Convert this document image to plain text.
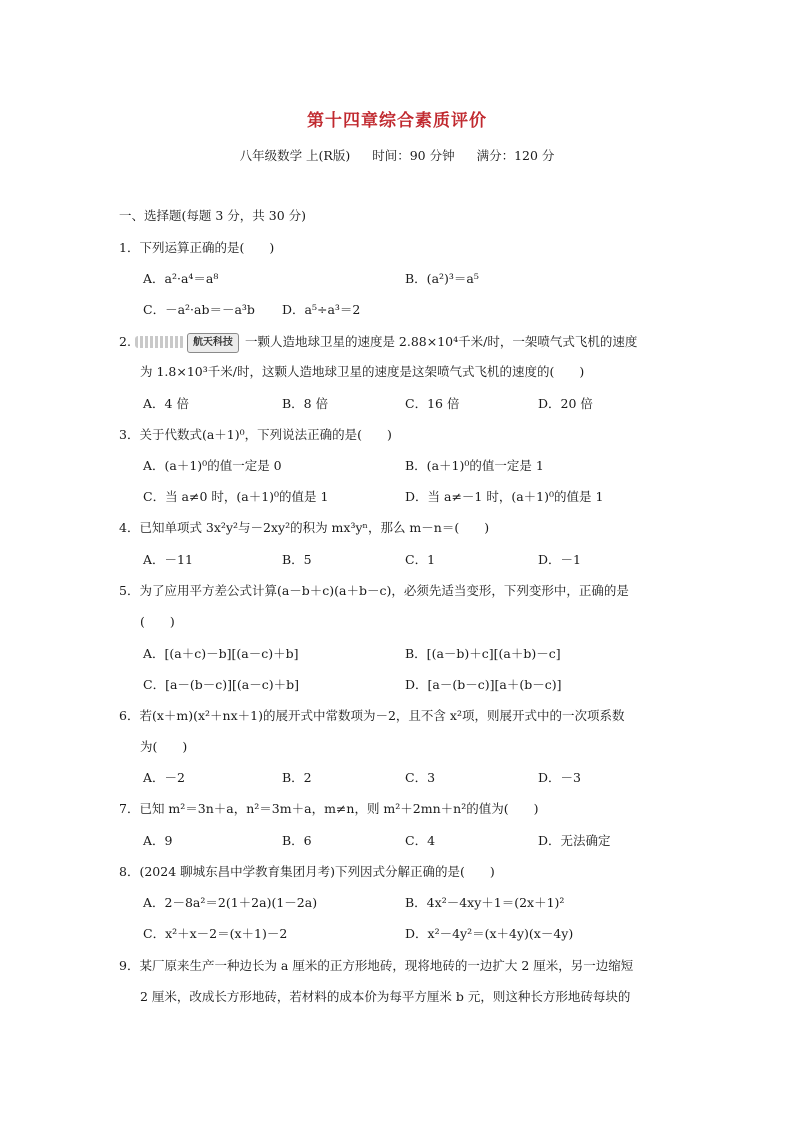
第十四章综合素质评价
八年级数学 上(R版) 时间：90 分钟 满分：120 分
一、选择题(每题 3 分，共 30 分)
1．下列运算正确的是(　　)
A．a²·a⁴＝a⁸	B．(a²)³＝a⁵
C．－a²·ab＝－a³b D．a⁵÷a³＝2
2.	航天科技 一颗人造地球卫星的速度是 2.88×10⁴千米/时，一架喷气式飞机的速度
为 1.8×10³千米/时，这颗人造地球卫星的速度是这架喷气式飞机的速度的(　　)
A．4 倍	B．8 倍	C．16 倍	D．20 倍
3．关于代数式(a＋1)⁰，下列说法正确的是(　　)
A．(a＋1)⁰的值一定是 0	B．(a＋1)⁰的值一定是 1
C．当 a≠0 时，(a＋1)⁰的值是 1	D．当 a≠－1 时，(a＋1)⁰的值是 1
4．已知单项式 3x²y²与－2xy²的积为 mx³yⁿ，那么 m－n＝(　　)
A．－11	B．5	C．1	D．－1
5．为了应用平方差公式计算(a－b＋c)(a＋b－c)，必须先适当变形，下列变形中，正确的是
(　　)
A．[(a＋c)－b][(a－c)＋b]	B．[(a－b)＋c][(a＋b)－c]
C．[a－(b－c)][(a－c)＋b]	D．[a－(b－c)][a＋(b－c)]
6．若(x＋m)(x²＋nx＋1)的展开式中常数项为－2，且不含 x²项，则展开式中的一次项系数
为(　　)
A．－2	B．2	C．3	D．－3
7．已知 m²＝3n＋a，n²＝3m＋a，m≠n，则 m²＋2mn＋n²的值为(　　)
A．9	B．6	C．4	D．无法确定
8．(2024 聊城东昌中学教育集团月考)下列因式分解正确的是(　　)
A．2－8a²＝2(1＋2a)(1－2a)	B．4x²－4xy＋1＝(2x＋1)²
C．x²＋x－2＝(x＋1)－2	D．x²－4y²＝(x＋4y)(x－4y)
9．某厂原来生产一种边长为 a 厘米的正方形地砖，现将地砖的一边扩大 2 厘米，另一边缩短
2 厘米，改成长方形地砖，若材料的成本价为每平方厘米 b 元，则这种长方形地砖每块的
